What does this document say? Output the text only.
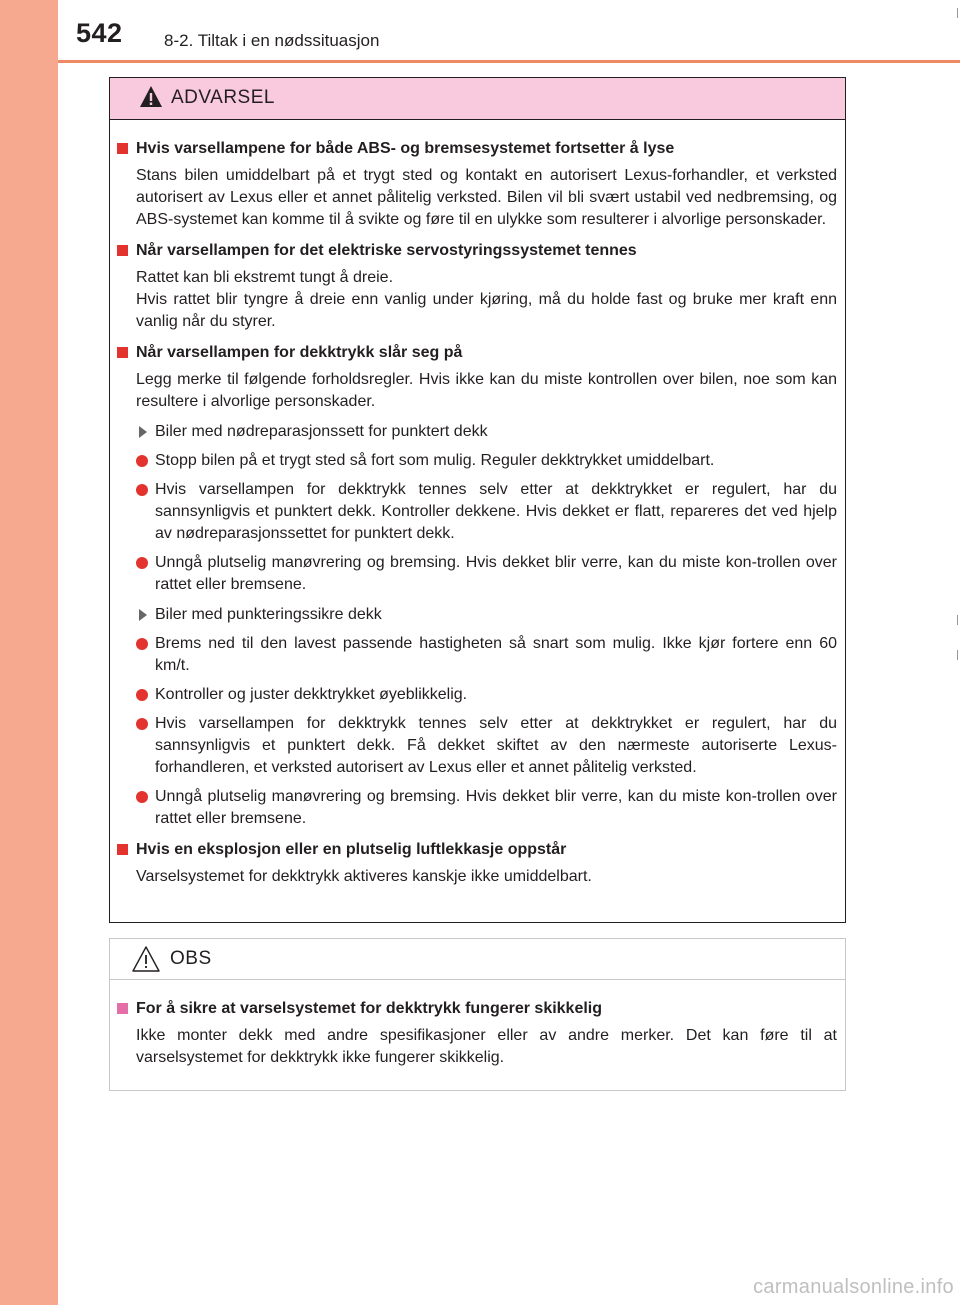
542 8-2. Tiltak i en nødssituasjon
ADVARSEL
Hvis varsellampene for både ABS- og bremsesystemet fortsetter å lyse
Stans bilen umiddelbart på et trygt sted og kontakt en autorisert Lexus-forhandler, et verksted autorisert av Lexus eller et annet pålitelig verksted. Bilen vil bli svært ustabil ved nedbremsing, og ABS-systemet kan komme til å svikte og føre til en ulykke som resulterer i alvorlige personskader.
Når varsellampen for det elektriske servostyringssystemet tennes
Rattet kan bli ekstremt tungt å dreie.
Hvis rattet blir tyngre å dreie enn vanlig under kjøring, må du holde fast og bruke mer kraft enn vanlig når du styrer.
Når varsellampen for dekktrykk slår seg på
Legg merke til følgende forholdsregler. Hvis ikke kan du miste kontrollen over bilen, noe som kan resultere i alvorlige personskader.
Biler med nødreparasjonssett for punktert dekk
Stopp bilen på et trygt sted så fort som mulig. Reguler dekktrykket umiddelbart.
Hvis varsellampen for dekktrykk tennes selv etter at dekktrykket er regulert, har du sannsynligvis et punktert dekk. Kontroller dekkene. Hvis dekket er flatt, repareres det ved hjelp av nødreparasjonssettet for punktert dekk.
Unngå plutselig manøvrering og bremsing. Hvis dekket blir verre, kan du miste kon-trollen over rattet eller bremsene.
Biler med punkteringssikre dekk
Brems ned til den lavest passende hastigheten så snart som mulig. Ikke kjør fortere enn 60 km/t.
Kontroller og juster dekktrykket øyeblikkelig.
Hvis varsellampen for dekktrykk tennes selv etter at dekktrykket er regulert, har du sannsynligvis et punktert dekk. Få dekket skiftet av den nærmeste autoriserte Lexus-forhandleren, et verksted autorisert av Lexus eller et annet pålitelig verksted.
Unngå plutselig manøvrering og bremsing. Hvis dekket blir verre, kan du miste kon-trollen over rattet eller bremsene.
Hvis en eksplosjon eller en plutselig luftlekkasje oppstår
Varselsystemet for dekktrykk aktiveres kanskje ikke umiddelbart.
OBS
For å sikre at varselsystemet for dekktrykk fungerer skikkelig
Ikke monter dekk med andre spesifikasjoner eller av andre merker. Det kan føre til at varselsystemet for dekktrykk ikke fungerer skikkelig.
carmanualsonline.info
